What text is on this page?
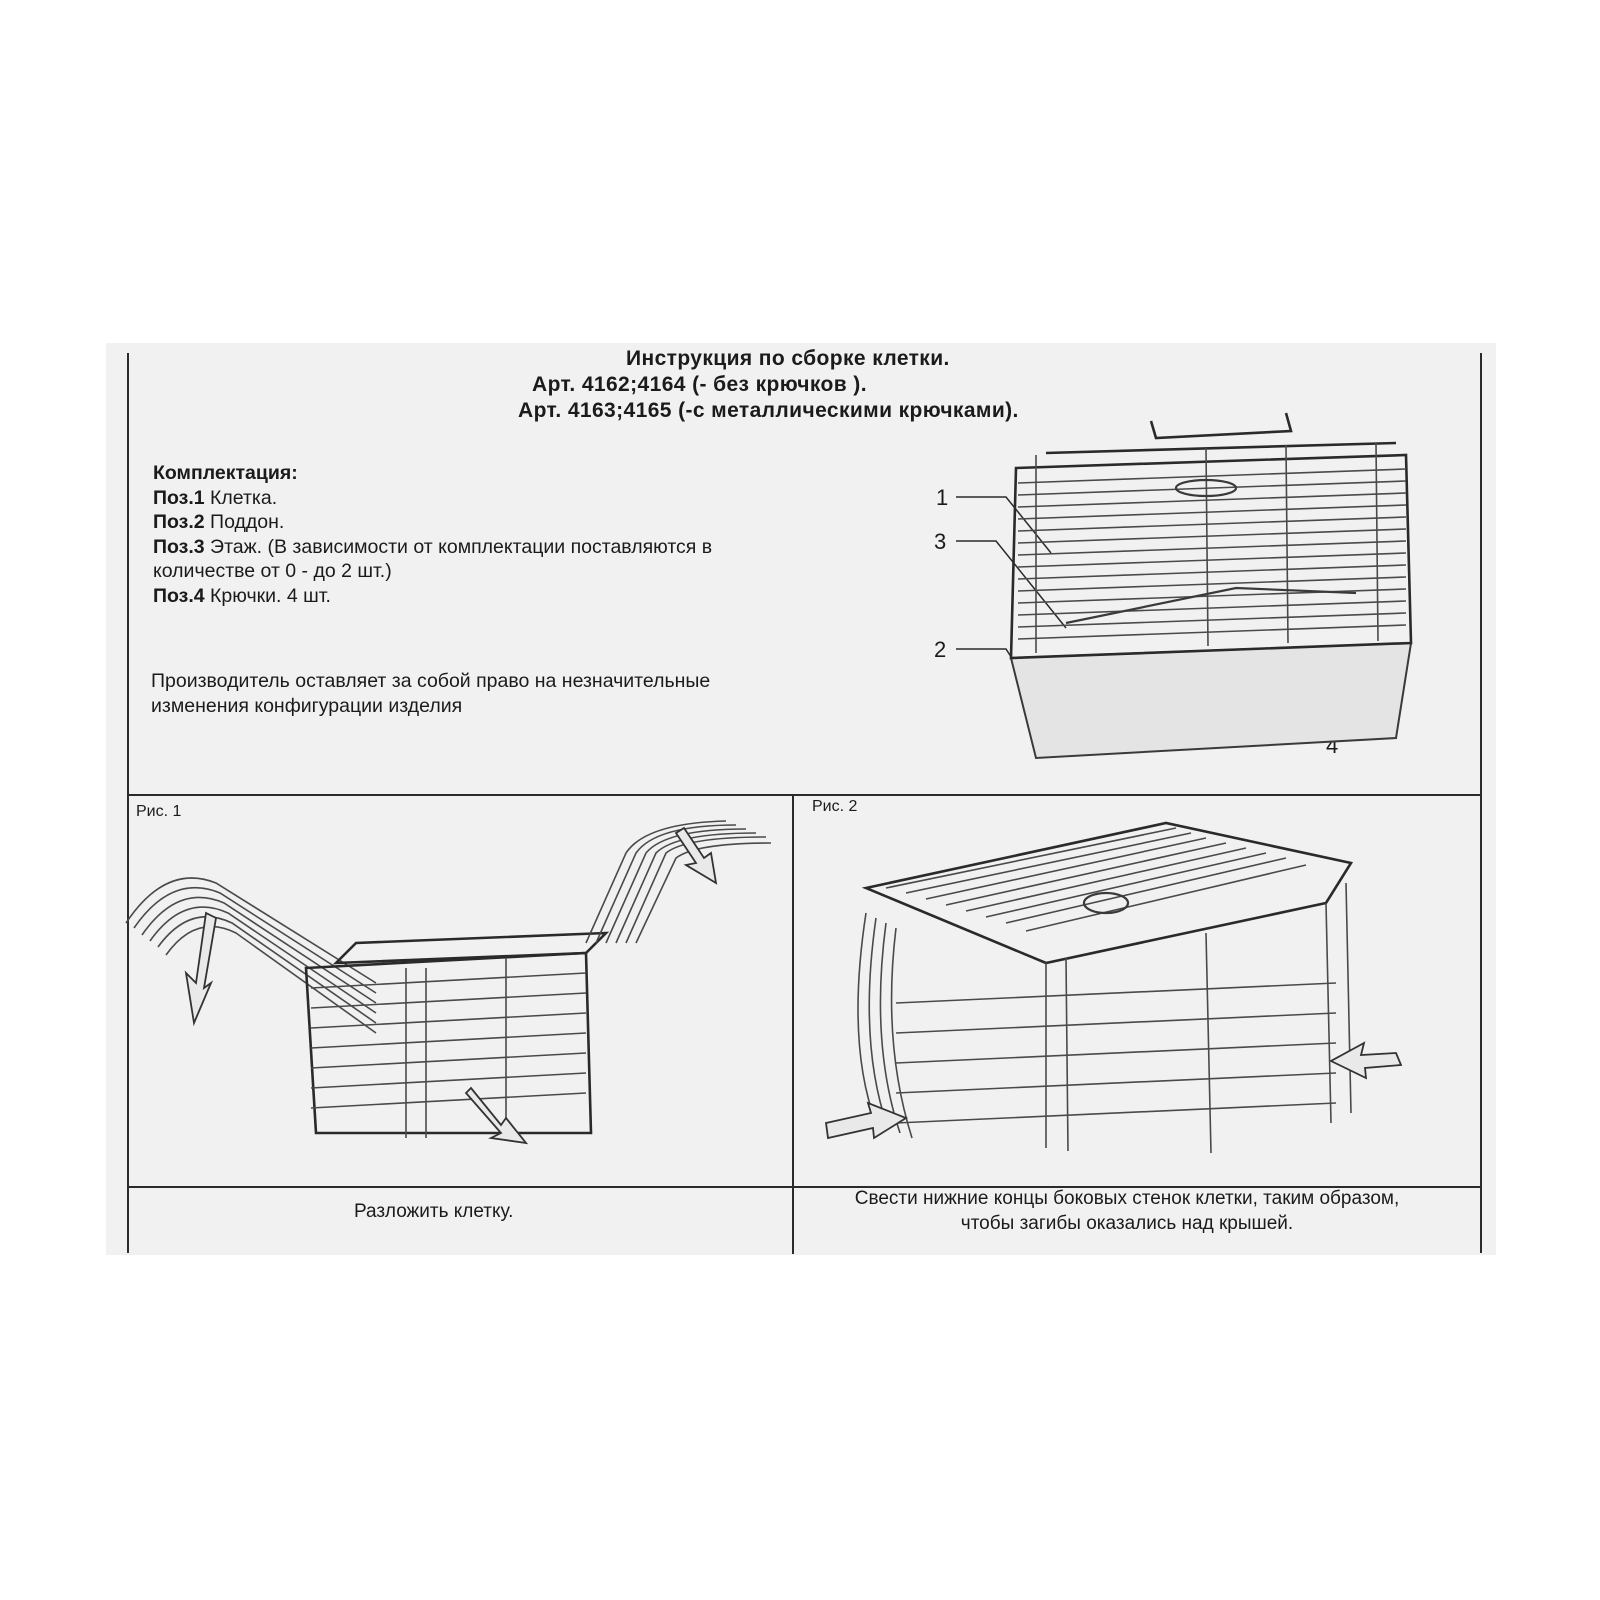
Инструкция по сборке клетки.
Арт. 4162;4164 (- без крючков ).
Арт. 4163;4165 (-с металлическими крючками).
Комплектация:
Поз.1 Клетка.
Поз.2 Поддон.
Поз.3 Этаж. (В зависимости от комплектации поставляются в
количестве от 0 - до 2 шт.)
Поз.4 Крючки. 4 шт.
Производитель оставляет за собой право на незначительные
изменения конфигурации изделия
1
3
2
4
Рис. 1	Рис. 2
Разложить клетку.
Свести нижние концы боковых стенок клетки, таким образом,
чтобы загибы оказались над крышей.
